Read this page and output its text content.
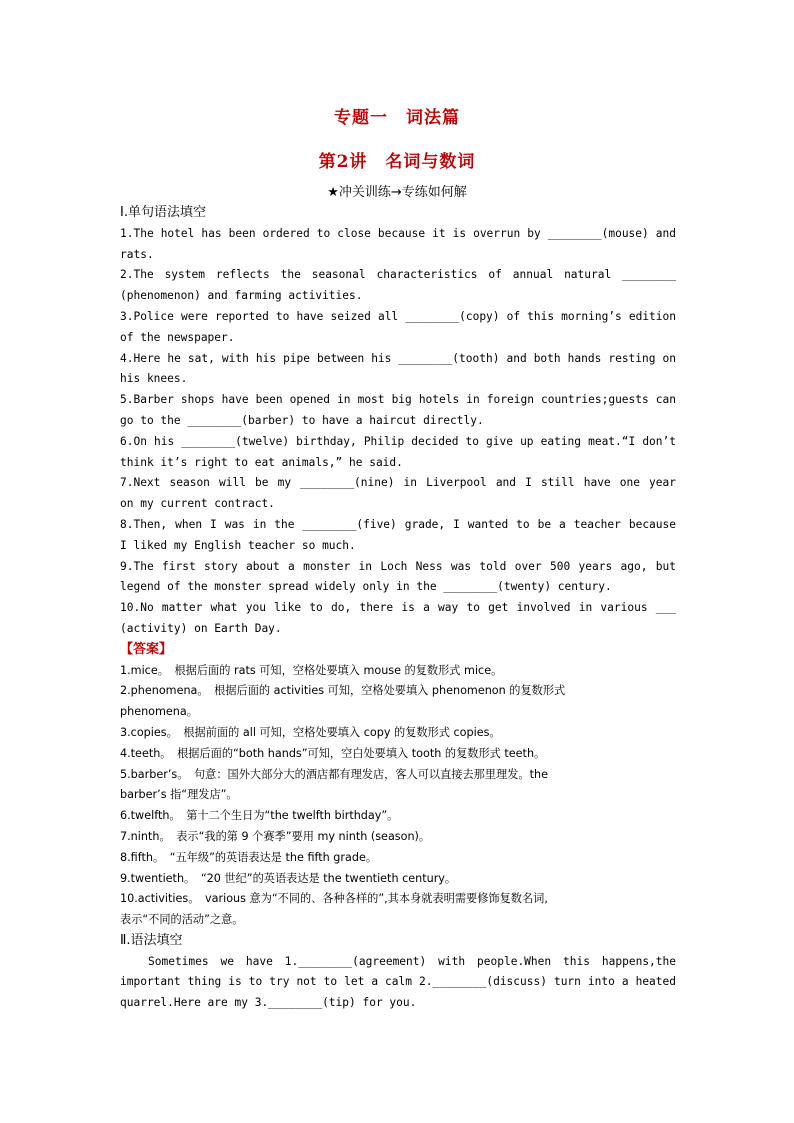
专题一　词法篇
第2讲　名词与数词
★冲关训练→专练如何解
Ⅰ.单句语法填空
1.The hotel has been ordered to close because it is overrun by ________(mouse) and
rats.
2.The system reflects the seasonal characteristics of annual natural ________
(phenomenon) and farming activities.
3.Police were reported to have seized all ________(copy) of this morning’s edition
of the newspaper.
4.Here he sat, with his pipe between his ________(tooth) and both hands resting on
his knees.
5.Barber shops have been opened in most big hotels in foreign countries;guests can
go to the ________(barber) to have a haircut directly.
6.On his ________(twelve) birthday, Philip decided to give up eating meat.“I don’t
think it’s right to eat animals,” he said.
7.Next season will be my ________(nine) in Liverpool and I still have one year
on my current contract.
8.Then, when I was in the ________(five) grade, I wanted to be a teacher because
I liked my English teacher so much.
9.The first story about a monster in Loch Ness was told over 500 years ago, but
legend of the monster spread widely only in the ________(twenty) century.
10.No matter what you like to do, there is a way to get involved in various ___
(activity) on Earth Day.
【答案】
1.mice。　根据后面的 rats 可知，空格处要填入 mouse 的复数形式 mice。
2.phenomena。　根据后面的 activities 可知，空格处要填入 phenomenon 的复数形式
phenomena。
3.copies。　根据前面的 all 可知，空格处要填入 copy 的复数形式 copies。
4.teeth。　根据后面的“both hands”可知，空白处要填入 tooth 的复数形式 teeth。
5.barber’s。　句意：国外大部分大的酒店都有理发店，客人可以直接去那里理发。the
barber’s 指“理发店”。
6.twelfth。　第十二个生日为“the twelfth birthday”。
7.ninth。　表示“我的第 9 个赛季”要用 my ninth (season)。
8.fifth。　“五年级”的英语表达是 the fifth grade。
9.twentieth。　“20 世纪”的英语表达是 the twentieth century。
10.activities。　various 意为“不同的、各种各样的”,其本身就表明需要修饰复数名词,
表示“不同的活动”之意。
Ⅱ.语法填空
Sometimes we have 1.________(agreement) with people.When this happens,the
important thing is to try not to let a calm 2.________(discuss) turn into a heated
quarrel.Here are my 3.________(tip) for you.
